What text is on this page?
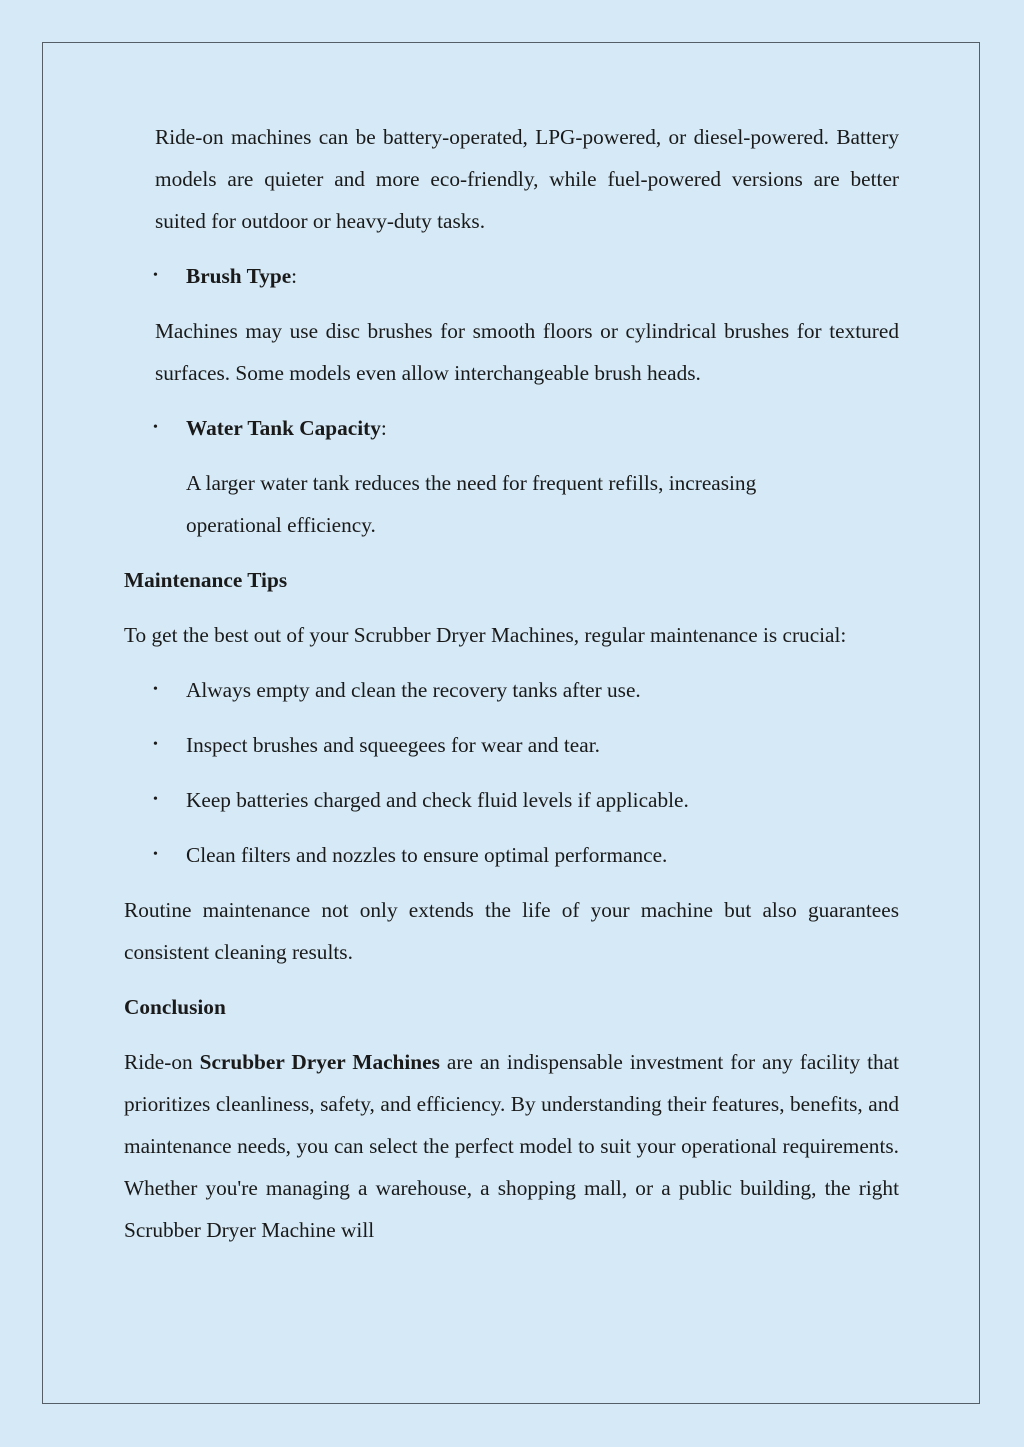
Ride-on machines can be battery-operated, LPG-powered, or diesel-powered. Battery models are quieter and more eco-friendly, while fuel-powered versions are better suited for outdoor or heavy-duty tasks.

• Brush Type:

Machines may use disc brushes for smooth floors or cylindrical brushes for textured surfaces. Some models even allow interchangeable brush heads.

• Water Tank Capacity:
A larger water tank reduces the need for frequent refills, increasing
operational efficiency.

Maintenance Tips

To get the best out of your Scrubber Dryer Machines, regular maintenance is crucial:

• Always empty and clean the recovery tanks after use.
• Inspect brushes and squeegees for wear and tear.
• Keep batteries charged and check fluid levels if applicable.
• Clean filters and nozzles to ensure optimal performance.

Routine maintenance not only extends the life of your machine but also guarantees consistent cleaning results.

Conclusion

Ride-on Scrubber Dryer Machines are an indispensable investment for any facility that prioritizes cleanliness, safety, and efficiency. By understanding their features, benefits, and maintenance needs, you can select the perfect model to suit your operational requirements. Whether you're managing a warehouse, a shopping mall, or a public building, the right Scrubber Dryer Machine will
